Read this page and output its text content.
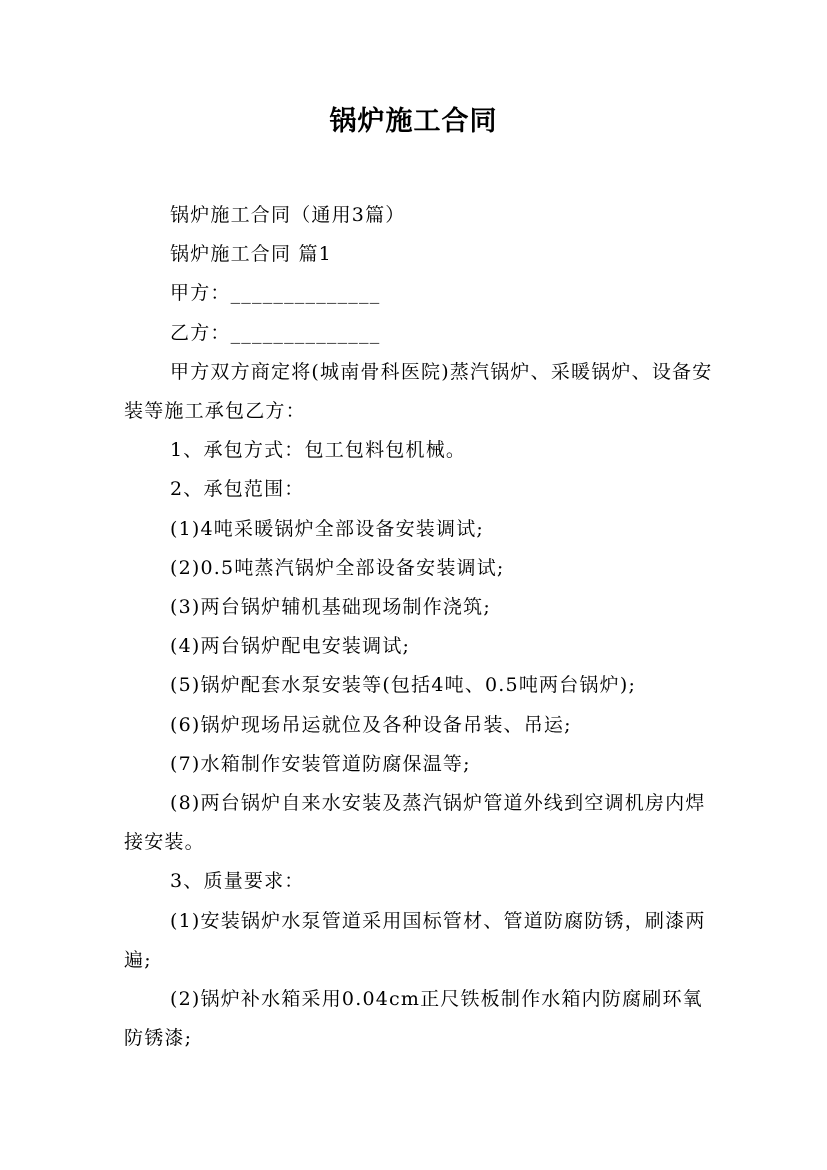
锅炉施工合同

锅炉施工合同（通用3篇）

锅炉施工合同 篇1

甲方：______________

乙方：______________

甲方双方商定将(城南骨科医院)蒸汽锅炉、采暖锅炉、设备安装等施工承包乙方：

1、承包方式：包工包料包机械。

2、承包范围：

(1)4吨采暖锅炉全部设备安装调试;

(2)0.5吨蒸汽锅炉全部设备安装调试;

(3)两台锅炉辅机基础现场制作浇筑;

(4)两台锅炉配电安装调试;

(5)锅炉配套水泵安装等(包括4吨、0.5吨两台锅炉);

(6)锅炉现场吊运就位及各种设备吊装、吊运;

(7)水箱制作安装管道防腐保温等;

(8)两台锅炉自来水安装及蒸汽锅炉管道外线到空调机房内焊接安装。

3、质量要求：

(1)安装锅炉水泵管道采用国标管材、管道防腐防锈，刷漆两遍;

(2)锅炉补水箱采用0.04cm正尺铁板制作水箱内防腐刷环氧防锈漆;
